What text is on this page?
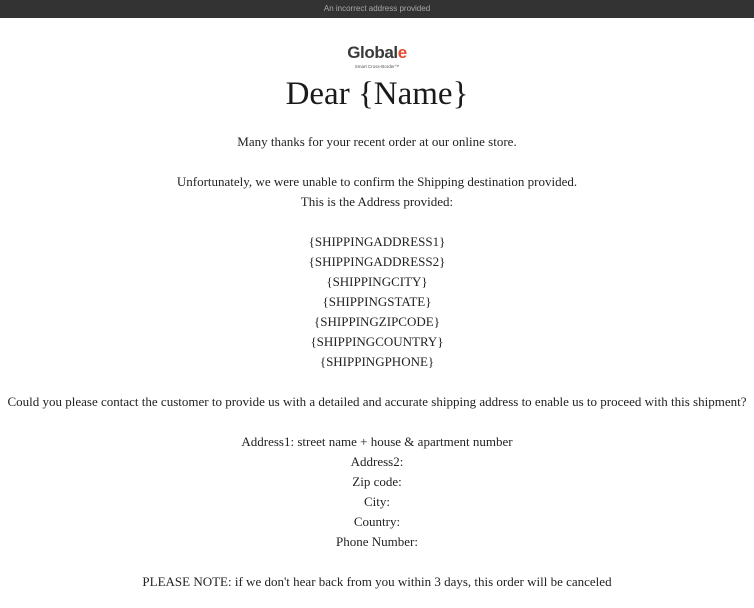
An incorrect address provided
Globale
Smart Cross-Border™
Dear {Name}

Many thanks for your recent order at our online store.

Unfortunately, we were unable to confirm the Shipping destination provided.

This is the Address provided:

{SHIPPINGADDRESS1}

{SHIPPINGADDRESS2}

{SHIPPINGCITY}

{SHIPPINGSTATE}

{SHIPPINGZIPCODE}

{SHIPPINGCOUNTRY}

{SHIPPINGPHONE}

Could you please contact the customer to provide us with a detailed and accurate shipping address to enable us to proceed with this shipment?

Address1: street name + house & apartment number

Address2:

Zip code:

City:

Country:

Phone Number:

PLEASE NOTE: if we don't hear back from you within 3 days, this order will be canceled
